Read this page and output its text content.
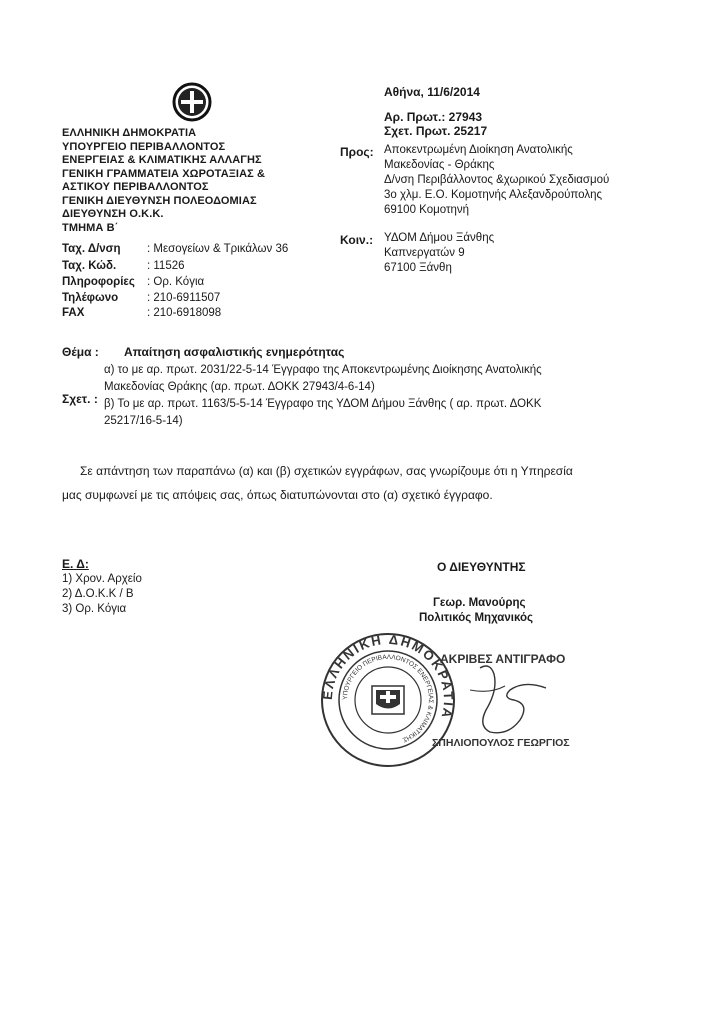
ΕΛΛΗΝΙΚΗ ΔΗΜΟΚΡΑΤΙΑ
ΥΠΟΥΡΓΕΙΟ ΠΕΡΙΒΑΛΛΟΝΤΟΣ
ΕΝΕΡΓΕΙΑΣ & ΚΛΙΜΑΤΙΚΗΣ ΑΛΛΑΓΗΣ
ΓΕΝΙΚΗ ΓΡΑΜΜΑΤΕΙΑ ΧΩΡΟΤΑΞΙΑΣ &
ΑΣΤΙΚΟΥ ΠΕΡΙΒΑΛΛΟΝΤΟΣ
ΓΕΝΙΚΗ ΔΙΕΥΘΥΝΣΗ ΠΟΛΕΟΔΟΜΙΑΣ
ΔΙΕΥΘΥΝΣΗ Ο.Κ.Κ.
ΤΜΗΜΑ Β΄
Αθήνα, 11/6/2014
Αρ. Πρωτ.: 27943
Σχετ. Πρωτ. 25217
Προς: Αποκεντρωμένη Διοίκηση Ανατολικής
Μακεδονίας - Θράκης
Δ/νση Περιβάλλοντος &χωρικού Σχεδιασμού
3ο χλμ. Ε.Ο. Κομοτηνής Αλεξανδρούπολης
69100 Κομοτηνή
Κοιν.: ΥΔΟΜ Δήμου Ξάνθης
Καπνεργατών 9
67100 Ξάνθη
Ταχ. Δ/νση : Μεσογείων & Τρικάλων 36
Ταχ. Κώδ.	: 11526
Πληροφορίες : Ορ. Κόγια
Τηλέφωνο	: 210-6911507
FAX	: 210-6918098
Θέμα : Απαίτηση ασφαλιστικής ενημερότητας
Σχετ. :
α) το με αρ. πρωτ. 2031/22-5-14 Έγγραφο της Αποκεντρωμένης Διοίκησης Ανατολικής
Μακεδονίας Θράκης (αρ. πρωτ. ΔΟΚΚ 27943/4-6-14)
β) Το με αρ. πρωτ. 1163/5-5-14 Έγγραφο της ΥΔΟΜ Δήμου Ξάνθης ( αρ. πρωτ. ΔΟΚΚ
25217/16-5-14)
Σε απάντηση των παραπάνω (α) και (β) σχετικών εγγράφων, σας γνωρίζουμε ότι η Υπηρεσία
μας συμφωνεί με τις απόψεις σας, όπως διατυπώνονται στο (α) σχετικό έγγραφο.
Ε. Δ:
1) Χρον. Αρχείο
2) Δ.Ο.Κ.Κ / Β
3) Ορ. Κόγια
Ο ΔΙΕΥΘΥΝΤΗΣ
Γεωρ. Μανούρης
Πολιτικός Μηχανικός
ΕΛΛΗΝΙΚΗ ΔΗΜΟΚΡΑΤΙΑ
ΥΠΟΥΡΓΕΙΟ ΠΕΡΙΒΑΛΛΟΝΤΟΣ ΕΝΕΡΓΕΙΑΣ & ΚΛΙΜΑΤΙΚΗΣ
ΑΚΡΙΒΕΣ ΑΝΤΙΓΡΑΦΟ
ΣΠΗΛΙΟΠΟΥΛΟΣ ΓΕΩΡΓΙΟΣ
